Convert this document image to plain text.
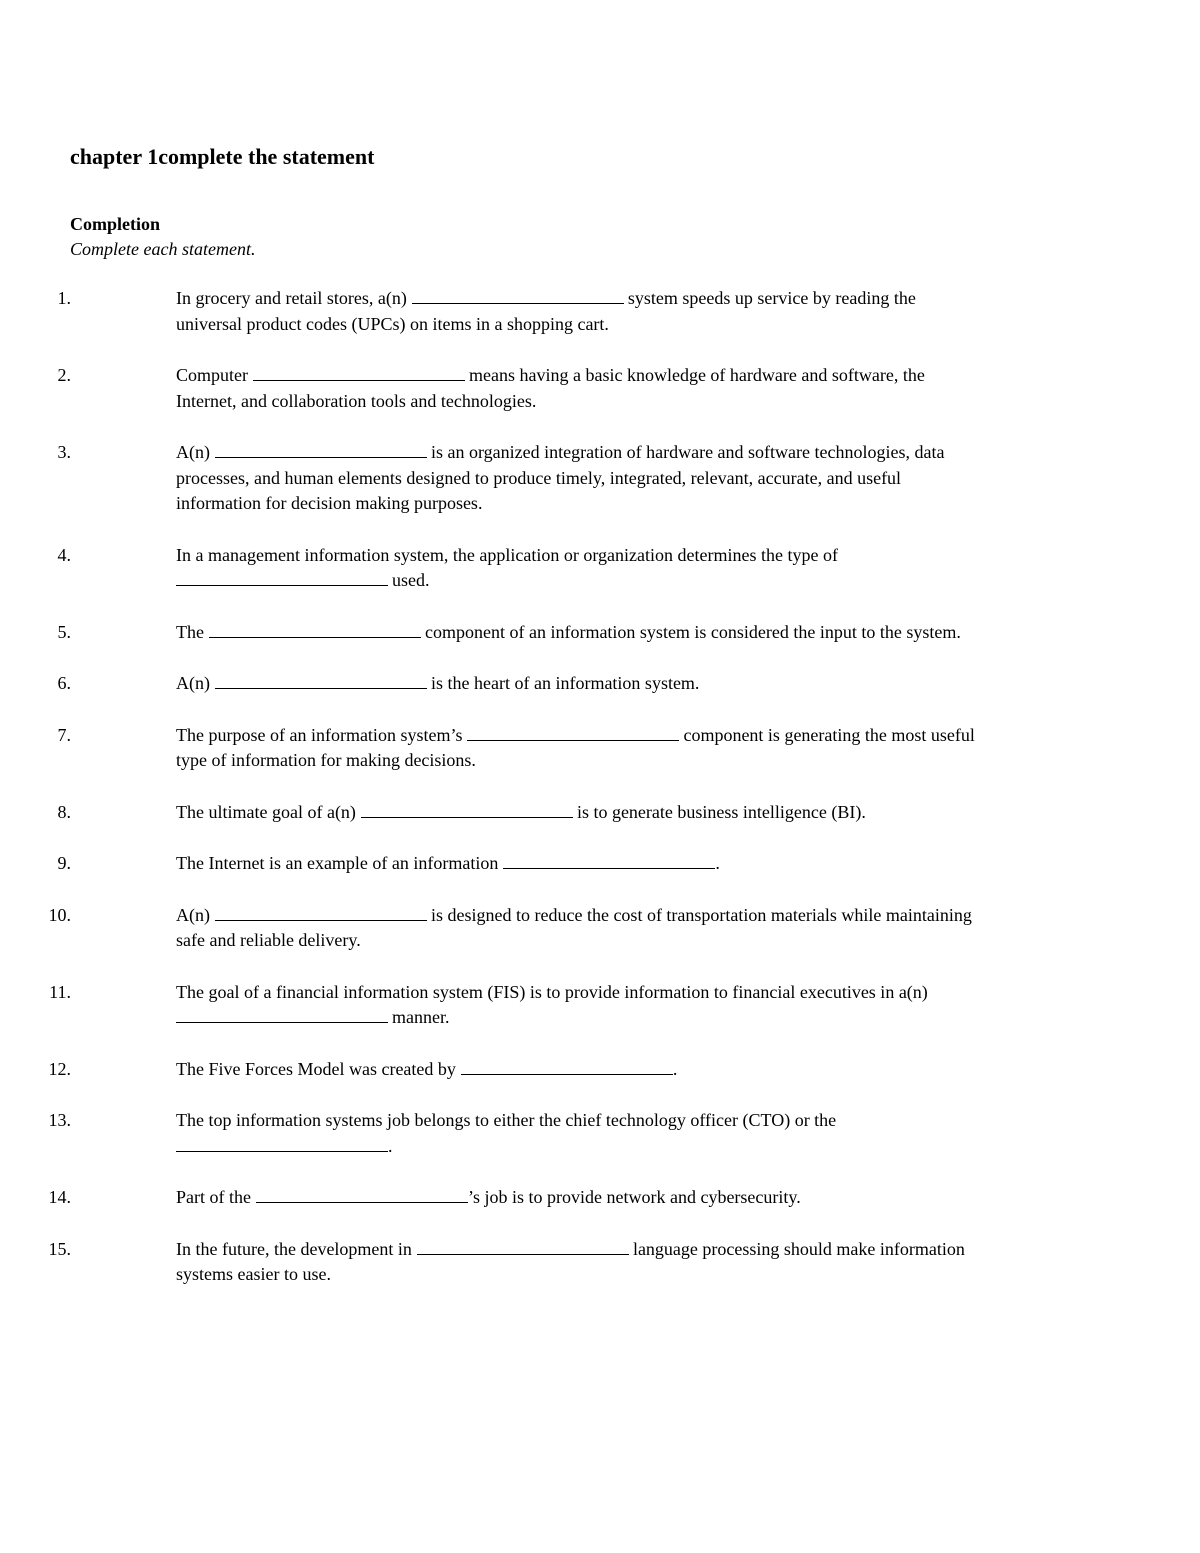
chapter 1complete the statement
Completion

Complete each statement.

1.	In grocery and retail stores, a(n)	system speeds up service by reading the
universal product codes (UPCs) on items in a shopping cart.
2.	Computer	means having a basic knowledge of hardware and software, the
Internet, and collaboration tools and technologies.
3.	A(n)	is an organized integration of hardware and software technologies, data
processes, and human elements designed to produce timely, integrated, relevant, accurate, and useful
information for decision making purposes.
4.	In a management information system, the application or organization determines the type of
used.
5.	The	component of an information system is considered the input to the system.
6.	A(n)	is the heart of an information system.
7.	The purpose of an information system’s	component is generating the most useful
type of information for making decisions.
8.	The ultimate goal of a(n)	is to generate business intelligence (BI).
9.	The Internet is an example of an information	.
10.	A(n)	is designed to reduce the cost of transportation materials while maintaining
safe and reliable delivery.
11.	The goal of a financial information system (FIS) is to provide information to financial executives in a(n)
manner.
12.	The Five Forces Model was created by	.
13.	The top information systems job belongs to either the chief technology officer (CTO) or the
.
14.	Part of the	’s job is to provide network and cybersecurity.
15.	In the future, the development in	language processing should make information
systems easier to use.
